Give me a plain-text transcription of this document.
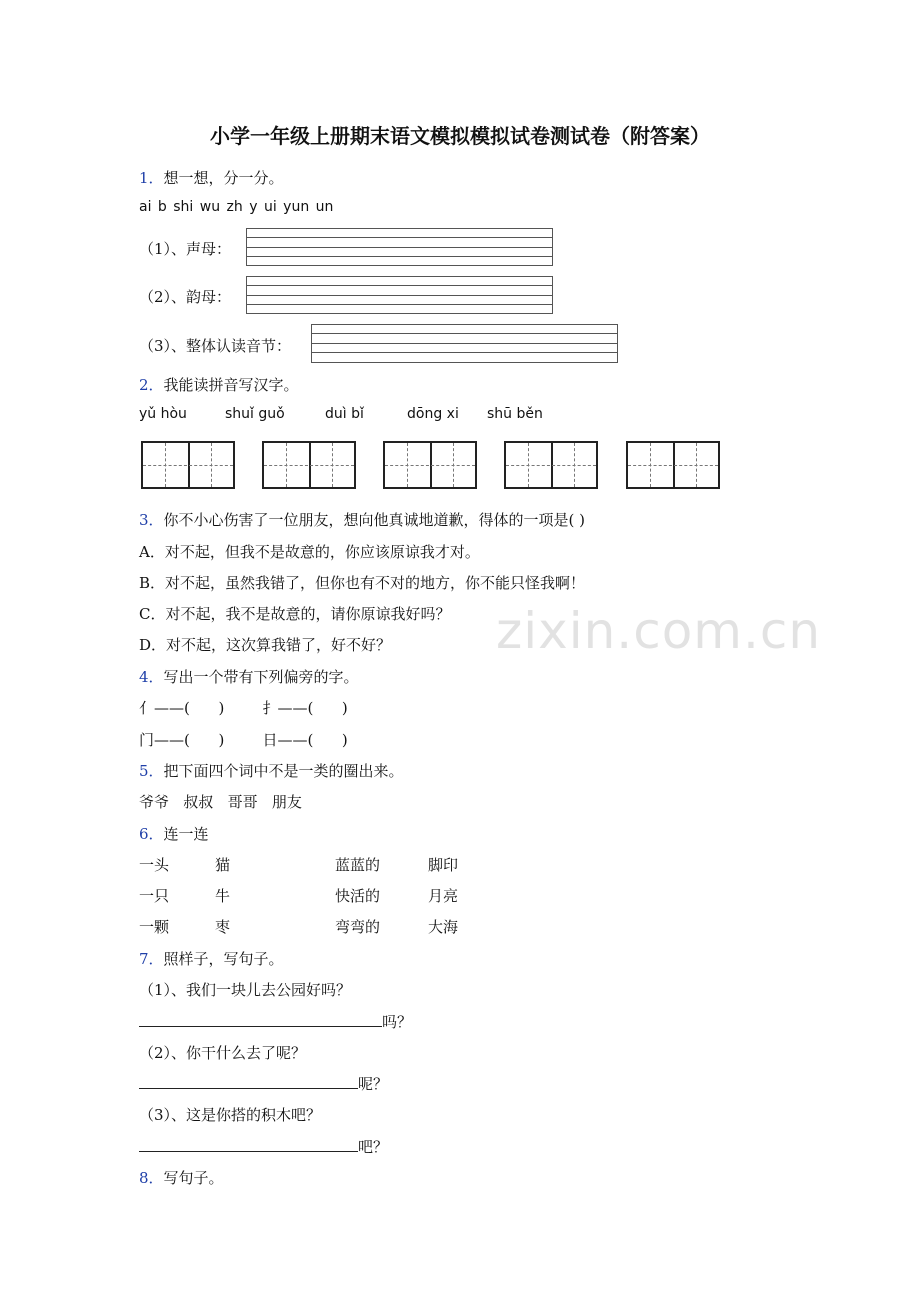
小学一年级上册期末语文模拟模拟试卷测试卷（附答案）
1．想一想，分一分。
ai b shi wu zh y ui yun un
（1）、声母：
（2）、韵母：
（3）、整体认读音节：
2．我能读拼音写汉字。
yǔ hòu	shuǐ guǒ	duì bǐ	dōng xi shū běn
3．你不小心伤害了一位朋友，想向他真诚地道歉，得体的一项是( )
A．对不起，但我不是故意的，你应该原谅我才对。
B．对不起，虽然我错了，但你也有不对的地方，你不能只怪我啊！
C．对不起，我不是故意的，请你原谅我好吗？
D．对不起，这次算我错了，好不好？
4．写出一个带有下列偏旁的字。
亻——(      )        扌——(      )
门——(      )        日——(      )
5．把下面四个词中不是一类的圈出来。
爷爷   叔叔   哥哥   朋友
6．连一连
一头	猫	蓝蓝的	脚印
一只	牛	快活的	月亮
一颗	枣	弯弯的	大海
7．照样子，写句子。
（1）、我们一块儿去公园好吗？
吗？
（2）、你干什么去了呢？
呢？
（3）、这是你搭的积木吧？
吧？
8．写句子。
zixin.com.cn
